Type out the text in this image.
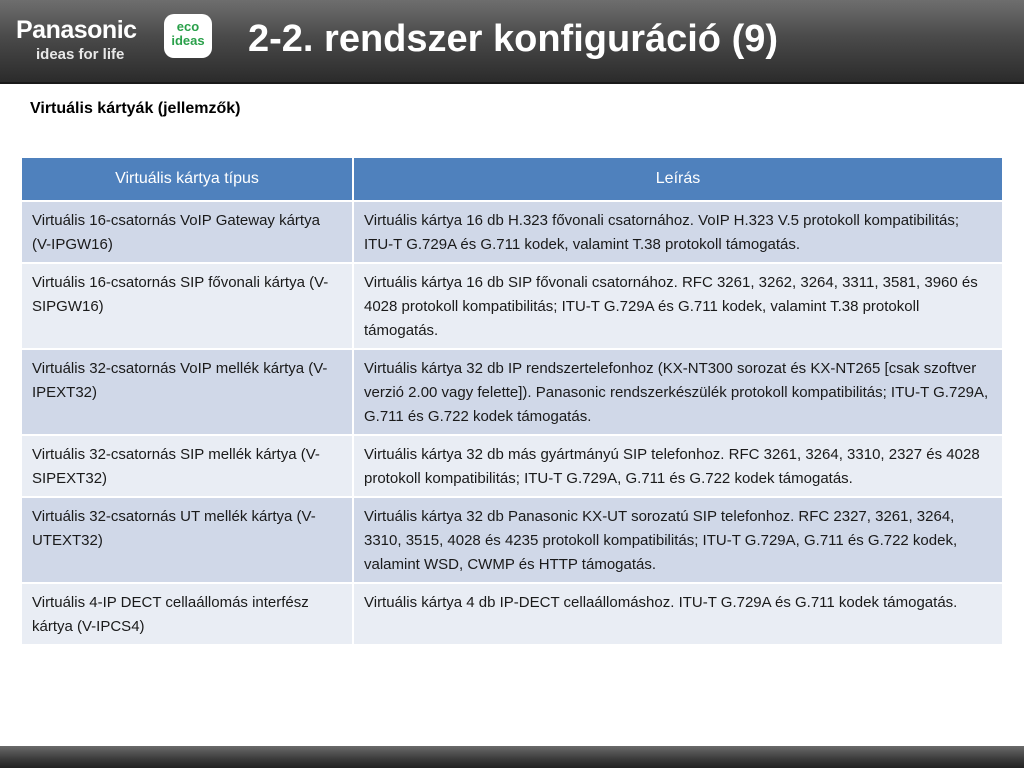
Panasonic
ideas for life
eco
ideas 2-2. rendszer konfiguráció (9)
Virtuális kártyák (jellemzők)
Virtuális kártya típus	Leírás
Virtuális 16-csatornás VoIP Gateway kártya (V-IPGW16)	Virtuális kártya 16 db H.323 fővonali csatornához. VoIP H.323 V.5 protokoll kompatibilitás; ITU-T G.729A és G.711 kodek, valamint T.38 protokoll támogatás.
Virtuális 16-csatornás SIP fővonali kártya (V-SIPGW16)	Virtuális kártya 16 db SIP fővonali csatornához. RFC 3261, 3262, 3264, 3311, 3581, 3960 és 4028 protokoll kompatibilitás; ITU-T G.729A és G.711 kodek, valamint T.38 protokoll támogatás.
Virtuális 32-csatornás VoIP mellék kártya (V-IPEXT32)	Virtuális kártya 32 db IP rendszertelefonhoz (KX-NT300 sorozat és KX-NT265 [csak szoftver verzió 2.00 vagy felette]). Panasonic rendszerkészülék protokoll kompatibilitás; ITU-T G.729A, G.711 és G.722 kodek támogatás.
Virtuális 32-csatornás SIP mellék kártya (V-SIPEXT32)	Virtuális kártya 32 db más gyártmányú SIP telefonhoz. RFC 3261, 3264, 3310, 2327 és 4028 protokoll kompatibilitás; ITU-T G.729A, G.711 és G.722 kodek támogatás.
Virtuális 32-csatornás UT mellék kártya (V-UTEXT32)	Virtuális kártya 32 db Panasonic KX-UT sorozatú SIP telefonhoz. RFC 2327, 3261, 3264, 3310, 3515, 4028 és 4235 protokoll kompatibilitás; ITU-T G.729A, G.711 és G.722 kodek, valamint WSD, CWMP és HTTP támogatás.
Virtuális 4-IP DECT cellaállomás interfész kártya (V-IPCS4)	Virtuális kártya 4 db IP-DECT cellaállomáshoz. ITU-T G.729A és G.711 kodek támogatás.
